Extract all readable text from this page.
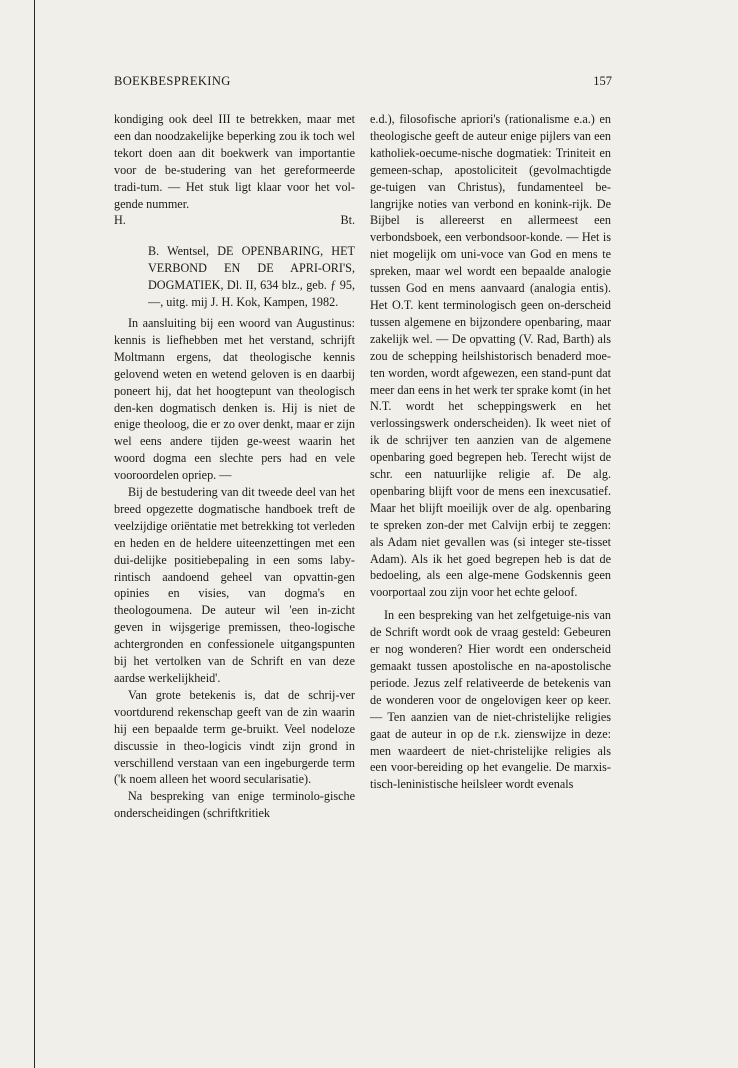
BOEKBESPREKING	157

kondiging ook deel III te betrekken, maar met een dan noodzakelijke beperking zou ik toch wel tekort doen aan dit boekwerk van importantie voor de be-studering van het gereformeerde tradi-tum. — Het stuk ligt klaar voor het vol-gende nummer.

H.	Bt.
B. Wentsel, DE OPENBARING, HET VERBOND EN DE APRI-ORI'S, DOGMATIEK, Dl. II, 634 blz., geb. ƒ 95,—, uitg. mij J. H. Kok, Kampen, 1982.

In aansluiting bij een woord van Augustinus: kennis is liefhebben met het verstand, schrijft Moltmann ergens, dat theologische kennis gelovend weten en wetend geloven is en daarbij poneert hij, dat het hoogtepunt van theologisch den-ken dogmatisch denken is. Hij is niet de enige theoloog, die er zo over denkt, maar er zijn wel eens andere tijden ge-weest waarin het woord dogma een slechte pers had en vele vooroordelen opriep. —

Bij de bestudering van dit tweede deel van het breed opgezette dogmatische handboek treft de veelzijdige oriëntatie met betrekking tot verleden en heden en de heldere uiteenzettingen met een dui-delijke positiebepaling in een soms laby-rintisch aandoend geheel van opvattin-gen opinies en visies, van dogma's en theologoumena. De auteur wil 'een in-zicht geven in wijsgerige premissen, theo-logische achtergronden en confessionele uitgangspunten bij het vertolken van de Schrift en van deze aardse werkelijkheid'.

Van grote betekenis is, dat de schrij-ver voortdurend rekenschap geeft van de zin waarin hij een bepaalde term ge-bruikt. Veel nodeloze discussie in theo-logicis vindt zijn grond in verschillend verstaan van een ingeburgerde term ('k noem alleen het woord secularisatie).

Na bespreking van enige terminolo-gische onderscheidingen (schriftkritiek

e.d.), filosofische apriori's (rationalisme e.a.) en theologische geeft de auteur enige pijlers van een katholiek-oecume-nische dogmatiek: Triniteit en gemeen-schap, apostoliciteit (gevolmachtigde ge-tuigen van Christus), fundamenteel be-langrijke noties van verbond en konink-rijk. De Bijbel is allereerst en allermeest een verbondsboek, een verbondsoor-konde. — Het is niet mogelijk om uni-voce van God en mens te spreken, maar wel wordt een bepaalde analogie tussen God en mens aanvaard (analogia entis). Het O.T. kent terminologisch geen on-derscheid tussen algemene en bijzondere openbaring, maar zakelijk wel. — De opvatting (V. Rad, Barth) als zou de schepping heilshistorisch benaderd moe-ten worden, wordt afgewezen, een stand-punt dat meer dan eens in het werk ter sprake komt (in het N.T. wordt het scheppingswerk en het verlossingswerk onderscheiden). Ik weet niet of ik de schrijver ten aanzien van de algemene openbaring goed begrepen heb. Terecht wijst de schr. een natuurlijke religie af. De alg. openbaring blijft voor de mens een inexcusatief. Maar het blijft moeilijk over de alg. openbaring te spreken zon-der met Calvijn erbij te zeggen: als Adam niet gevallen was (si integer ste-tisset Adam). Als ik het goed begrepen heb is dat de bedoeling, als een alge-mene Godskennis geen voorportaal zou zijn voor het echte geloof.

In een bespreking van het zelfgetuige-nis van de Schrift wordt ook de vraag gesteld: Gebeuren er nog wonderen? Hier wordt een onderscheid gemaakt tussen apostolische en na-apostolische periode. Jezus zelf relativeerde de betekenis van de wonderen voor de ongelovigen keer op keer. — Ten aanzien van de niet-christelijke religies gaat de auteur in op de r.k. zienswijze in deze: men waardeert de niet-christelijke religies als een voor-bereiding op het evangelie. De marxis-tisch-leninistische heilsleer wordt evenals
